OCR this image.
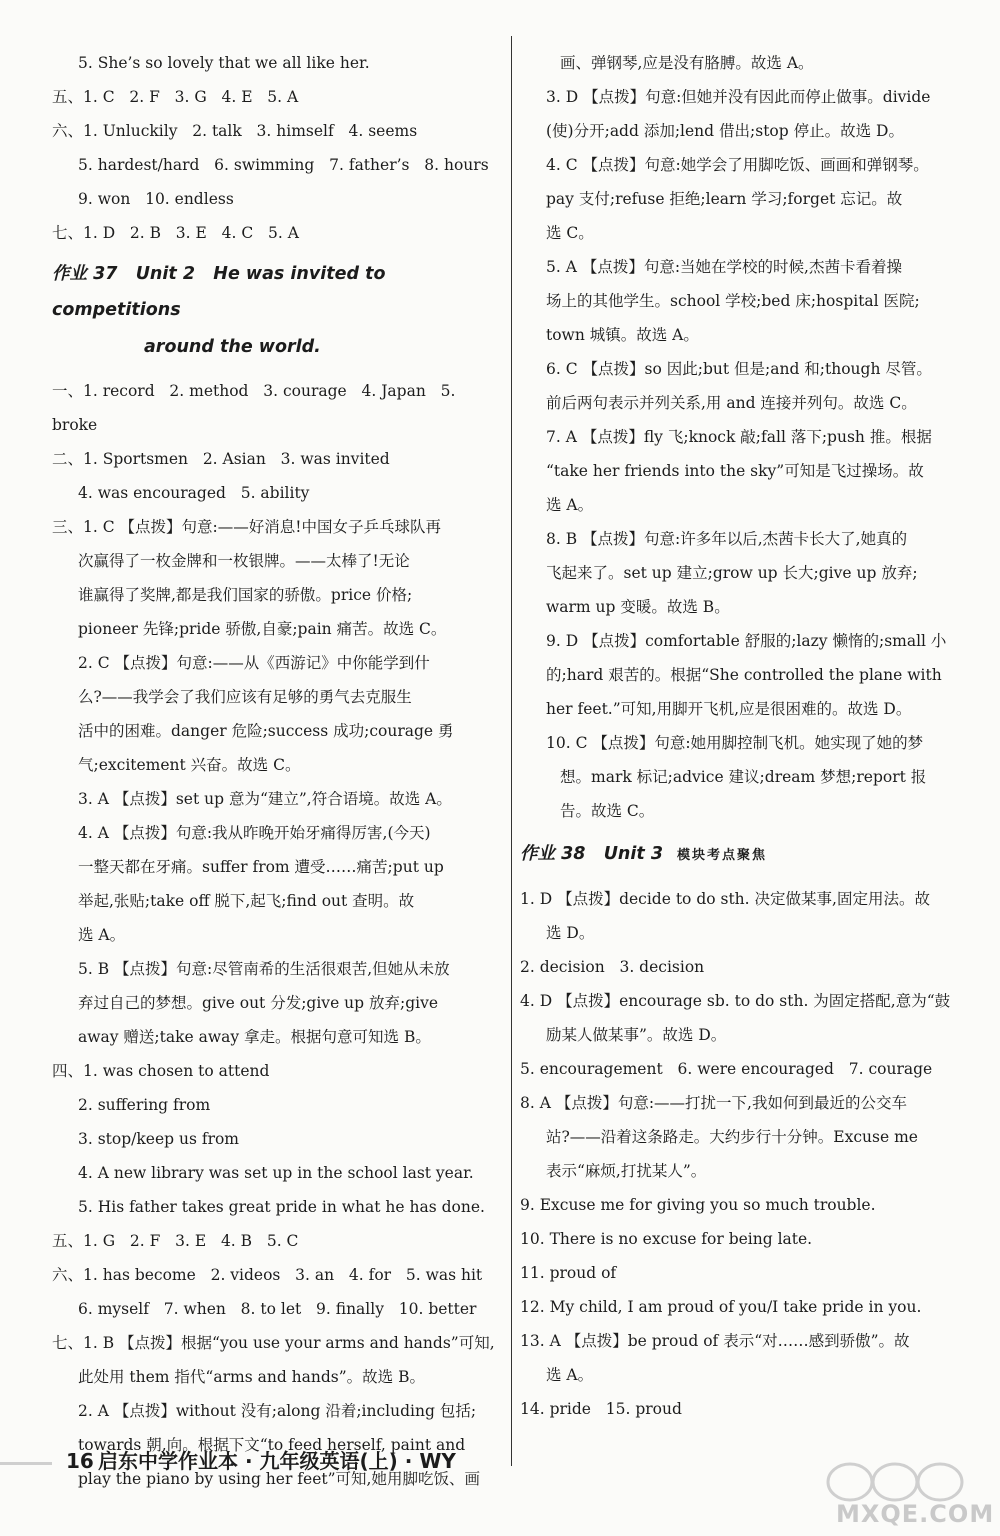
5. She’s so lovely that we all like her.
五、1. C   2. F   3. G   4. E   5. A
六、1. Unluckily   2. talk   3. himself   4. seems
5. hardest/hard   6. swimming   7. father’s   8. hours
9. won   10. endless
七、1. D   2. B   3. E   4. C   5. A
作业 37   Unit 2   He was invited to competitions
around the world.
一、1. record   2. method   3. courage   4. Japan   5. broke
二、1. Sportsmen   2. Asian   3. was invited
4. was encouraged   5. ability
三、1. C 【点拨】句意:——好消息!中国女子乒乓球队再
次赢得了一枚金牌和一枚银牌。——太棒了!无论
谁赢得了奖牌,都是我们国家的骄傲。price 价格;
pioneer 先锋;pride 骄傲,自豪;pain 痛苦。故选 C。
2. C 【点拨】句意:——从《西游记》中你能学到什
么?——我学会了我们应该有足够的勇气去克服生
活中的困难。danger 危险;success 成功;courage 勇
气;excitement 兴奋。故选 C。
3. A 【点拨】set up 意为“建立”,符合语境。故选 A。
4. A 【点拨】句意:我从昨晚开始牙痛得厉害,(今天)
一整天都在牙痛。suffer from 遭受……痛苦;put up
举起,张贴;take off 脱下,起飞;find out 查明。故
选 A。
5. B 【点拨】句意:尽管南希的生活很艰苦,但她从未放
弃过自己的梦想。give out 分发;give up 放弃;give
away 赠送;take away 拿走。根据句意可知选 B。
四、1. was chosen to attend
2. suffering from
3. stop/keep us from
4. A new library was set up in the school last year.
5. His father takes great pride in what he has done.
五、1. G   2. F   3. E   4. B   5. C
六、1. has become   2. videos   3. an   4. for   5. was hit
6. myself   7. when   8. to let   9. finally   10. better
七、1. B 【点拨】根据“you use your arms and hands”可知,
此处用 them 指代“arms and hands”。故选 B。
2. A 【点拨】without 没有;along 沿着;including 包括;
towards 朝,向。根据下文“to feed herself, paint and
play the piano by using her feet”可知,她用脚吃饭、画
画、弹钢琴,应是没有胳膊。故选 A。
3. D 【点拨】句意:但她并没有因此而停止做事。divide
(使)分开;add 添加;lend 借出;stop 停止。故选 D。
4. C 【点拨】句意:她学会了用脚吃饭、画画和弹钢琴。
pay 支付;refuse 拒绝;learn 学习;forget 忘记。故
选 C。
5. A 【点拨】句意:当她在学校的时候,杰茜卡看着操
场上的其他学生。school 学校;bed 床;hospital 医院;
town 城镇。故选 A。
6. C 【点拨】so 因此;but 但是;and 和;though 尽管。
前后两句表示并列关系,用 and 连接并列句。故选 C。
7. A 【点拨】fly 飞;knock 敲;fall 落下;push 推。根据
“take her friends into the sky”可知是飞过操场。故
选 A。
8. B 【点拨】句意:许多年以后,杰茜卡长大了,她真的
飞起来了。set up 建立;grow up 长大;give up 放弃;
warm up 变暖。故选 B。
9. D 【点拨】comfortable 舒服的;lazy 懒惰的;small 小
的;hard 艰苦的。根据“She controlled the plane with
her feet.”可知,用脚开飞机,应是很困难的。故选 D。
10. C 【点拨】句意:她用脚控制飞机。她实现了她的梦
想。mark 标记;advice 建议;dream 梦想;report 报
告。故选 C。
作业 38   Unit 3 模块考点聚焦
1. D 【点拨】decide to do sth. 决定做某事,固定用法。故
选 D。
2. decision   3. decision
4. D 【点拨】encourage sb. to do sth. 为固定搭配,意为“鼓
励某人做某事”。故选 D。
5. encouragement   6. were encouraged   7. courage
8. A 【点拨】句意:——打扰一下,我如何到最近的公交车
站?——沿着这条路走。大约步行十分钟。Excuse me
表示“麻烦,打扰某人”。
9. Excuse me for giving you so much trouble.
10. There is no excuse for being late.
11. proud of
12. My child, I am proud of you/I take pride in you.
13. A 【点拨】be proud of 表示“对……感到骄傲”。故
选 A。
14. pride   15. proud
16 启东中学作业本 · 九年级英语(上) · WY
MXQE.COM
